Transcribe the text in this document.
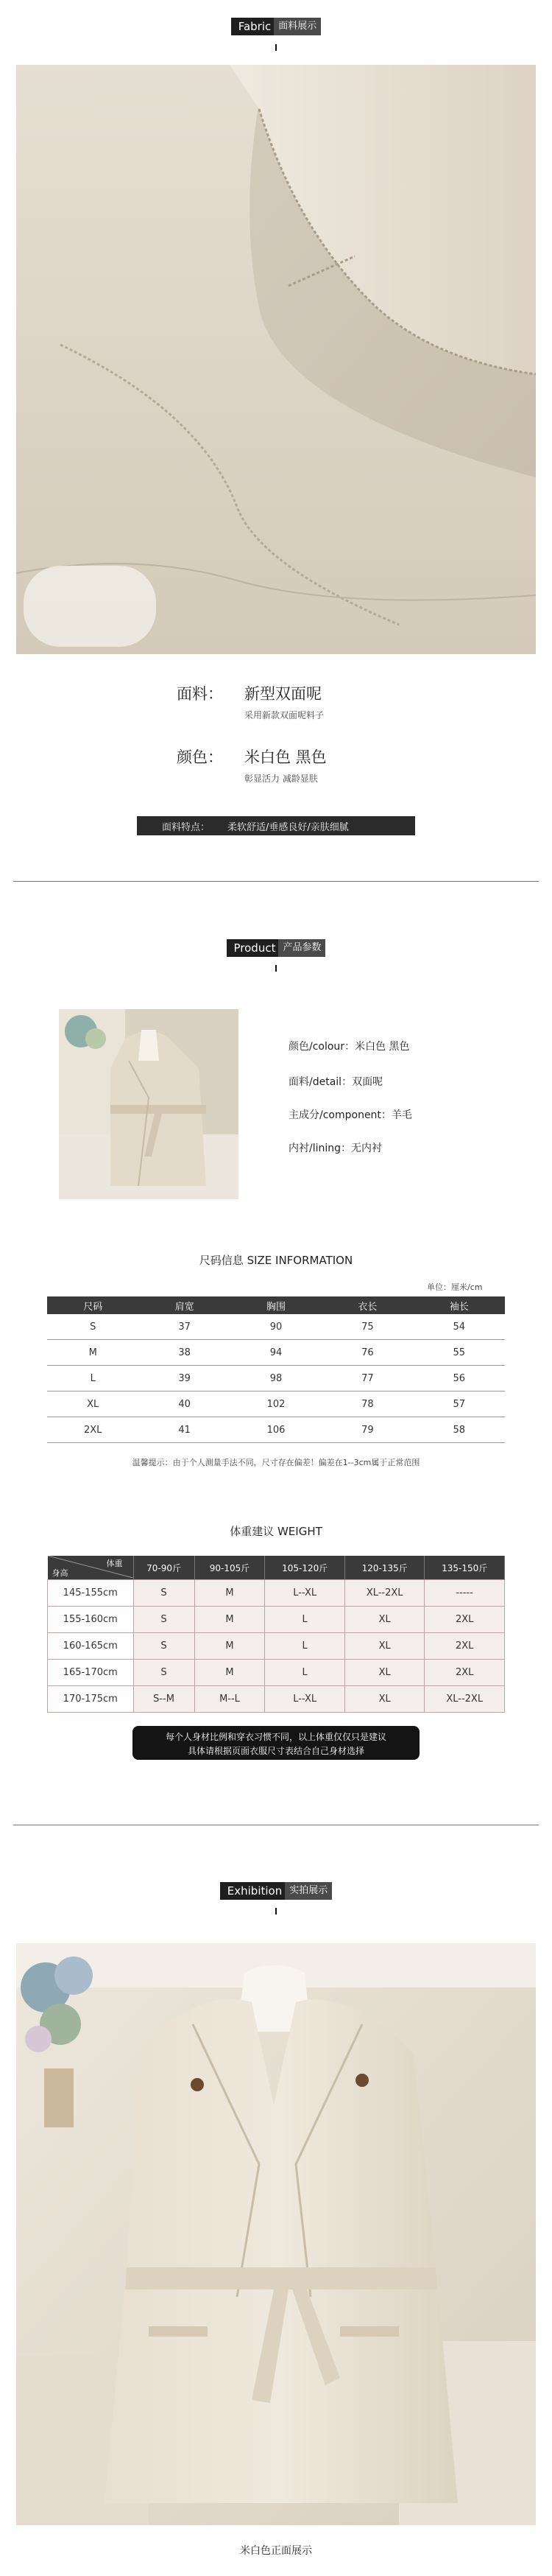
Fabric 面料展示
面料： 新型双面呢
采用新款双面呢料子
颜色： 米白色 黑色
彰显活力 减龄显肤
面料特点： 柔软舒适/垂感良好/亲肤细腻
Product 产品参数
颜色/colour：米白色 黑色
面料/detail：双面呢
主成分/component：羊毛
内衬/lining：无内衬
尺码信息 SIZE INFORMATION
单位：厘米/cm
尺码	肩宽	胸围	衣长	袖长
S	37	90	75	54
M	38	94	76	55
L	39	98	77	56
XL	40	102	78	57
2XL	41	106	79	58
温馨提示：由于个人测量手法不同，尺寸存在偏差！偏差在1--3cm属于正常范围
体重建议 WEIGHT
体重
身高	70-90斤	90-105斤	105-120斤	120-135斤	135-150斤
145-155cm	S	M	L--XL	XL--2XL	-----
155-160cm	S	M	L	XL	2XL
160-165cm	S	M	L	XL	2XL
165-170cm	S	M	L	XL	2XL
170-175cm	S--M	M--L	L--XL	XL	XL--2XL
每个人身材比例和穿衣习惯不同，以上体重仅仅只是建议
具体请根据页面衣服尺寸表结合自己身材选择
Exhibition 实拍展示
米白色正面展示
